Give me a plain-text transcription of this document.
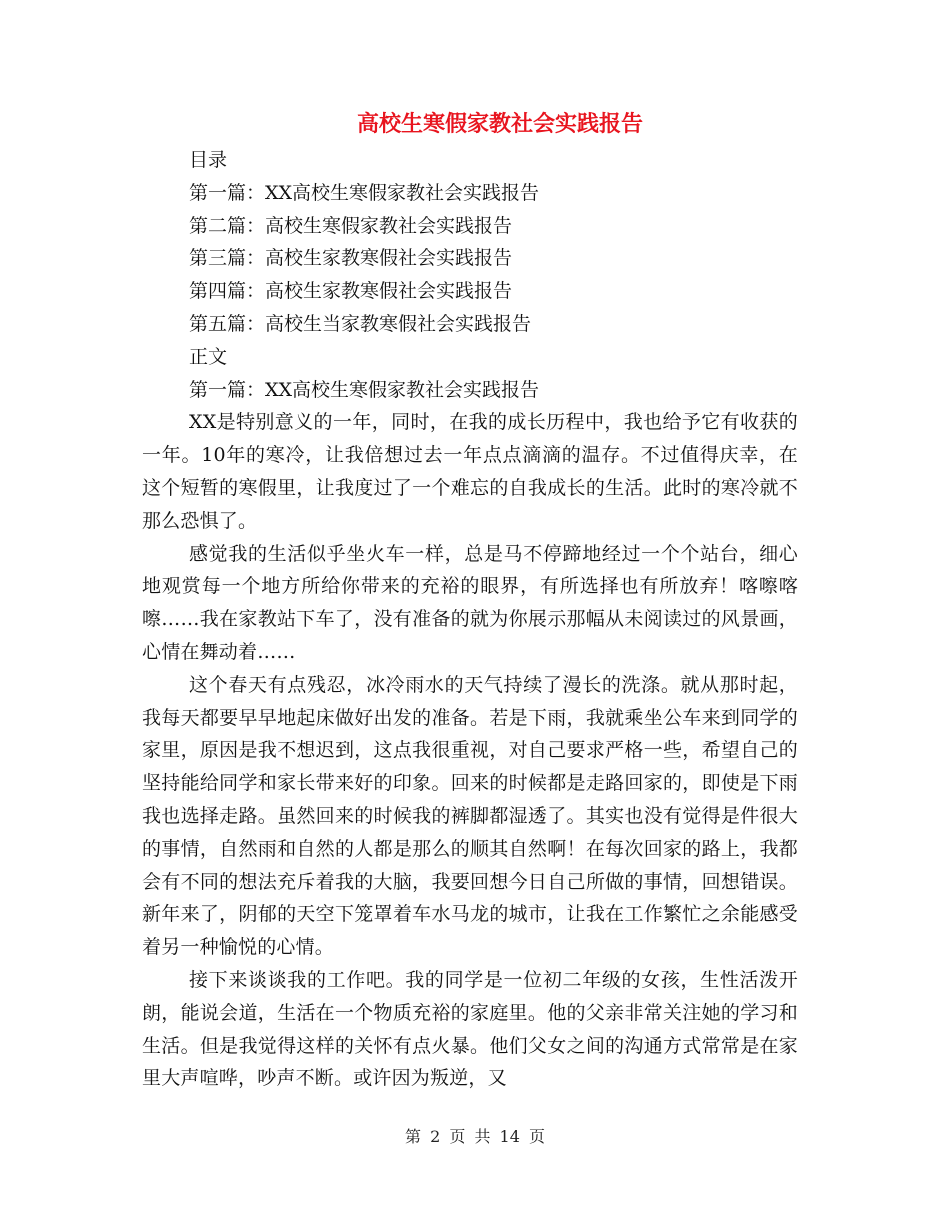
高校生寒假家教社会实践报告

目录

第一篇：XX高校生寒假家教社会实践报告

第二篇：高校生寒假家教社会实践报告

第三篇：高校生家教寒假社会实践报告

第四篇：高校生家教寒假社会实践报告

第五篇：高校生当家教寒假社会实践报告

正文

第一篇：XX高校生寒假家教社会实践报告

XX是特别意义的一年，同时，在我的成长历程中，我也给予它有收获的一年。10年的寒冷，让我倍想过去一年点点滴滴的温存。不过值得庆幸，在这个短暂的寒假里，让我度过了一个难忘的自我成长的生活。此时的寒冷就不那么恐惧了。

感觉我的生活似乎坐火车一样，总是马不停蹄地经过一个个站台，细心地观赏每一个地方所给你带来的充裕的眼界，有所选择也有所放弃！喀嚓喀嚓……我在家教站下车了，没有准备的就为你展示那幅从未阅读过的风景画，心情在舞动着……

这个春天有点残忍，冰冷雨水的天气持续了漫长的洗涤。就从那时起，我每天都要早早地起床做好出发的准备。若是下雨，我就乘坐公车来到同学的家里，原因是我不想迟到，这点我很重视，对自己要求严格一些，希望自己的坚持能给同学和家长带来好的印象。回来的时候都是走路回家的，即使是下雨我也选择走路。虽然回来的时候我的裤脚都湿透了。其实也没有觉得是件很大的事情，自然雨和自然的人都是那么的顺其自然啊！在每次回家的路上，我都会有不同的想法充斥着我的大脑，我要回想今日自己所做的事情，回想错误。新年来了，阴郁的天空下笼罩着车水马龙的城市，让我在工作繁忙之余能感受着另一种愉悦的心情。

接下来谈谈我的工作吧。我的同学是一位初二年级的女孩，生性活泼开朗，能说会道，生活在一个物质充裕的家庭里。他的父亲非常关注她的学习和生活。但是我觉得这样的关怀有点火暴。他们父女之间的沟通方式常常是在家里大声喧哗，吵声不断。或许因为叛逆，又

第 2 页 共 14 页
